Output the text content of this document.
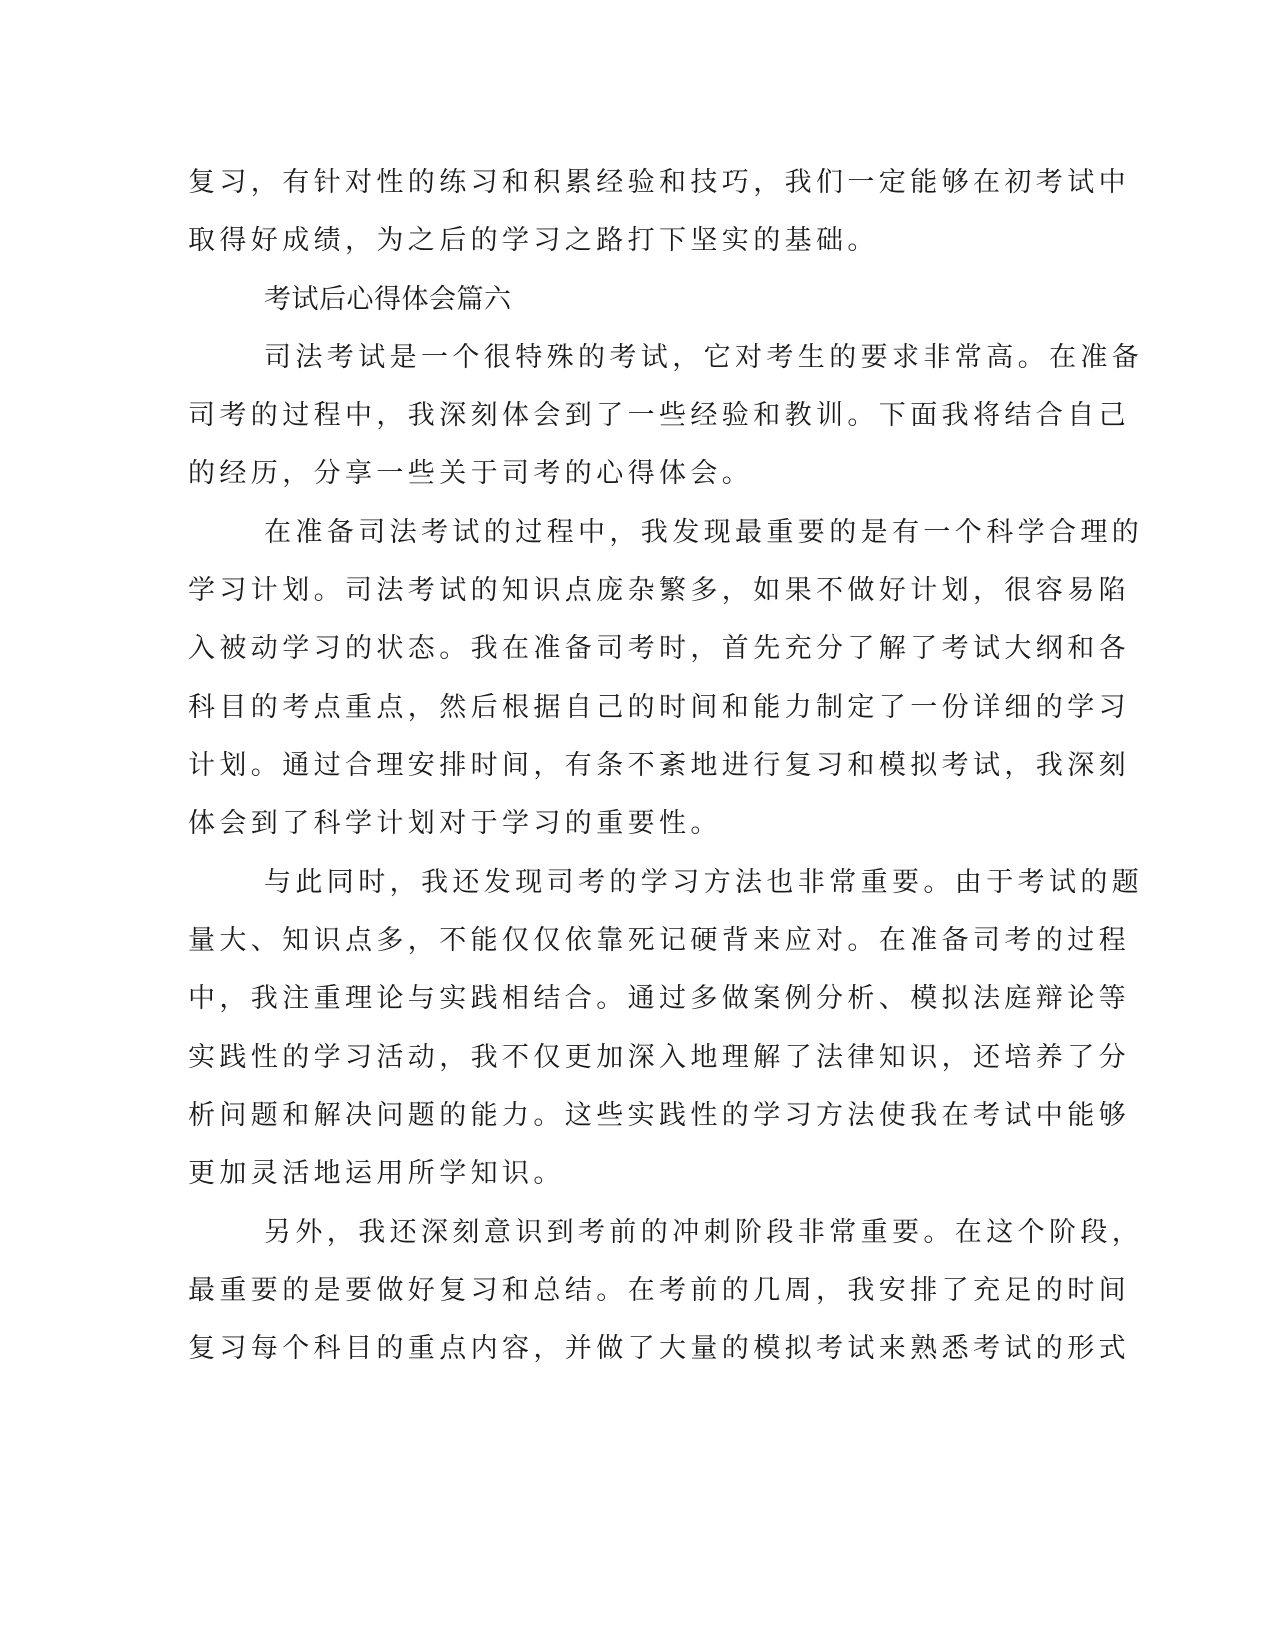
复习，有针对性的练习和积累经验和技巧，我们一定能够在初考试中
取得好成绩，为之后的学习之路打下坚实的基础。
考试后心得体会篇六
司法考试是一个很特殊的考试，它对考生的要求非常高。在准备
司考的过程中，我深刻体会到了一些经验和教训。下面我将结合自己
的经历，分享一些关于司考的心得体会。
在准备司法考试的过程中，我发现最重要的是有一个科学合理的
学习计划。司法考试的知识点庞杂繁多，如果不做好计划，很容易陷
入被动学习的状态。我在准备司考时，首先充分了解了考试大纲和各
科目的考点重点，然后根据自己的时间和能力制定了一份详细的学习
计划。通过合理安排时间，有条不紊地进行复习和模拟考试，我深刻
体会到了科学计划对于学习的重要性。
与此同时，我还发现司考的学习方法也非常重要。由于考试的题
量大、知识点多，不能仅仅依靠死记硬背来应对。在准备司考的过程
中，我注重理论与实践相结合。通过多做案例分析、模拟法庭辩论等
实践性的学习活动，我不仅更加深入地理解了法律知识，还培养了分
析问题和解决问题的能力。这些实践性的学习方法使我在考试中能够
更加灵活地运用所学知识。
另外，我还深刻意识到考前的冲刺阶段非常重要。在这个阶段，
最重要的是要做好复习和总结。在考前的几周，我安排了充足的时间
复习每个科目的重点内容，并做了大量的模拟考试来熟悉考试的形式
